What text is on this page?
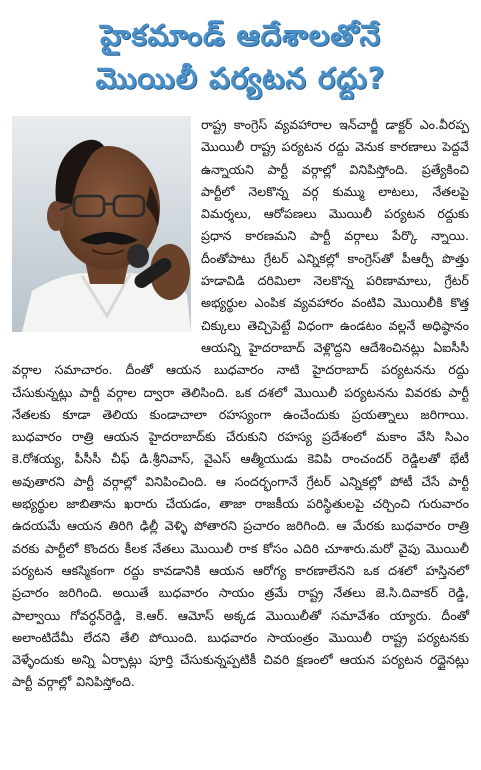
హైకమాండ్ ఆదేశాలతోనే
మొయిలీ పర్యటన రద్దు?

రాష్ట్ర కాంగ్రెస్ వ్యవహారాల ఇన్‌చార్జీ డాక్టర్ ఎం.వీరప్ప మొయిలీ రాష్ట్ర పర్యటన రద్దు వెనుక కారణాలు పెద్దవే ఉన్నాయని పార్టీ వర్గాల్లో వినిపిస్తోంది. ప్రత్యేకించి పార్టీలో నెలకొన్న వర్గ కుమ్ము లాటలు, నేతలపై విమర్శలు, ఆరోపణలు మొయిలీ పర్యటన రద్దుకు ప్రధాన కారణమని పార్టీ వర్గాలు పేర్కొ న్నాయి. దీంతోపాటు గ్రేటర్ ఎన్నికల్లో కాంగ్రెస్‌తో పీఆర్పీ పొత్తు హడావిడి దరిమిలా నెలకొన్న పరిణామాలు, గ్రేటర్ అభ్యర్థుల ఎంపిక వ్యవహారం వంటివి మొయిలీకి కొత్త చిక్కులు తెచ్చిపెట్టే విధంగా ఉండటం వల్లనే అధిష్ఠానం ఆయన్ని హైదరాబాద్ వెళ్లొద్దని ఆదేశించినట్లు ఏఐసీసీ వర్గాల సమాచారం. దీంతో ఆయన బుధవారం నాటి హైదరాబాద్ పర్యటనను రద్దు చేసుకున్నట్లు పార్టీ వర్గాల ద్వారా తెలిసింది. ఒక దశలో మొయిలీ పర్యటనను వివరకు పార్టీ నేతలకు కూడా తెలియ కుండాచాలా రహస్యంగా ఉంచేందుకు ప్రయత్నాలు జరిగాయి. బుధవారం రాత్రి ఆయన హైదరాబాద్‌కు చేరుకుని రహస్య ప్రదేశంలో మకాం వేసి సిఎం కె.రోశయ్య, పీసీసీ చీఫ్ డి.శ్రీనివాస్, వైఎస్ ఆత్మీయుడు కెవిపి రాంచందర్ రెడ్డిలతో భేటీ అవుతారని పార్టీ వర్గాల్లో వినిపించింది. ఆ సందర్భంగానే గ్రేటర్ ఎన్నికల్లో పోటీ చేసే పార్టీ అభ్యర్థుల జాబితాను ఖరారు చేయడం, తాజా రాజకీయ పరిస్థితులపై చర్చించి గురువారం ఉదయమే ఆయన తిరిగి ఢిల్లీ వెళ్ళి పోతారని ప్రచారం జరిగింది. ఆ మేరకు బుధవారం రాత్రి వరకు పార్టీలో కొందరు కీలక నేతలు మొయిలీ రాక కోసం ఎదిరి చూశారు.మరో వైపు మొయిలీ పర్యటన ఆకస్మికంగా రద్దు కావడానికి ఆయన ఆరోగ్య కారణాలేనని ఒక దశలో హస్తినలో ప్రచారం జరిగింది. అయితే బుధవారం సాయం త్రమే రాష్ట్ర నేతలు జె.సి.దివాకర్ రెడ్డి, పాల్వాయి గోవర్ధన్‌రెడ్డి, కె.ఆర్. ఆమోస్ అక్కడ మొయిలీతో సమావేశం య్యారు. దీంతో అలాంటిదేమీ లేదని తేలి పోయింది. బుధవారం సాయంత్రం మొయిలీ రాష్ట్ర పర్యటనకు వెళ్ళేందుకు అన్ని ఏర్పాట్లు పూర్తి చేసుకున్నప్పటికీ చివరి క్షణంలో ఆయన పర్యటన రద్దైనట్లు పార్టీ వర్గాల్లో వినిపిస్తోంది.
